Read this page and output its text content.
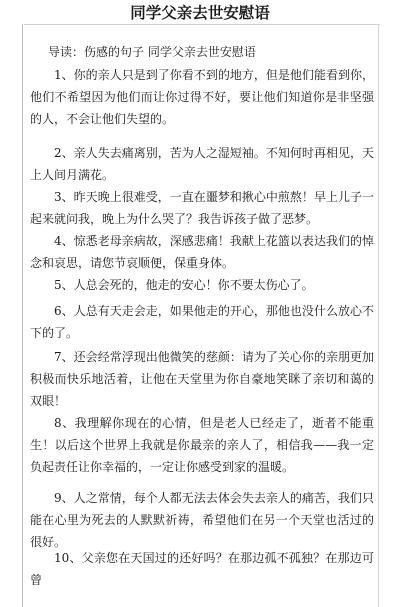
同学父亲去世安慰语
导读：伤感的句子 同学父亲去世安慰语
1、你的亲人只是到了你看不到的地方，但是他们能看到你，他们不希望因为他们而让你过得不好，要让他们知道你是非坚强的人，不会让他们失望的。
2、亲人失去痛离别，苦为人之湿短袖。不知何时再相见，天上人间月满花。
3、昨天晚上很难受，一直在噩梦和揪心中煎熬！早上儿子一起来就问我，晚上为什么哭了？我告诉孩子做了恶梦。
4、惊悉老母亲病故，深感悲痛！我献上花篮以表达我们的悼念和哀思，请您节哀顺便，保重身体。
5、人总会死的，他走的安心！你不要太伤心了。
6、人总有天走会走，如果他走的开心，那他也没什么放心不下的了。
7、还会经常浮现出他微笑的慈颜：请为了关心你的亲朋更加积极而快乐地活着，让他在天堂里为你自豪地笑眯了亲切和蔼的双眼！
8、我理解你现在的心情，但是老人已经走了，逝者不能重生！以后这个世界上我就是你最亲的亲人了，相信我——我一定负起责任让你幸福的，一定让你感受到家的温暖。
9、人之常情，每个人都无法去体会失去亲人的痛苦，我们只能在心里为死去的人默默祈祷，希望他们在另一个天堂也活过的很好。
10、父亲您在天国过的还好吗？在那边孤不孤独？在那边可曾
